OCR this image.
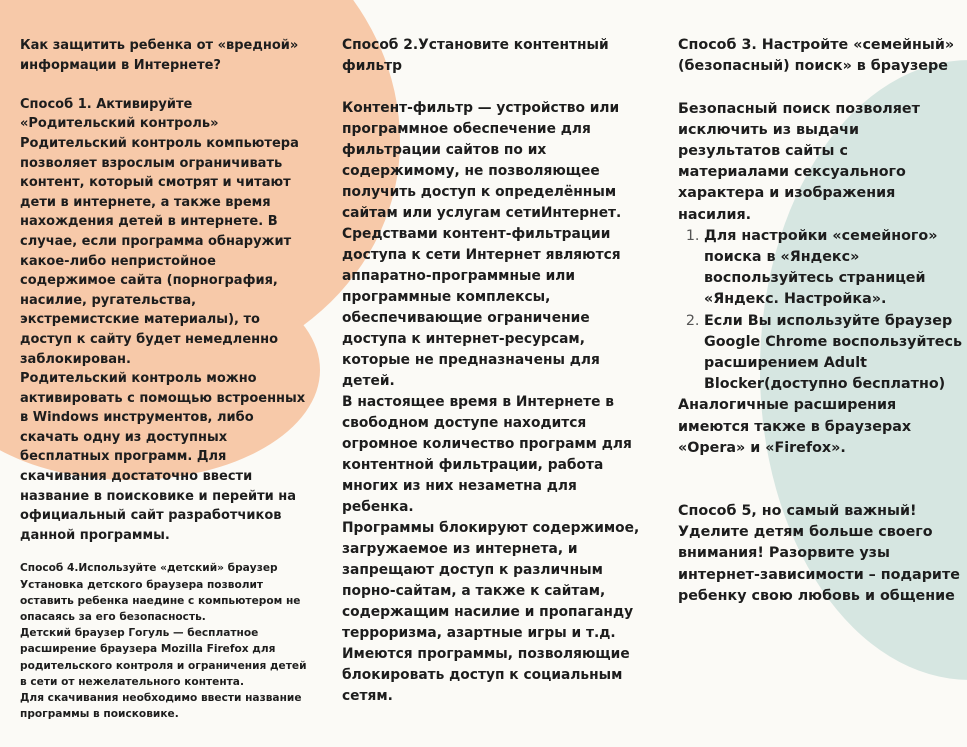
Как защитить ребенка от «вредной» информации в Интернете?

Способ 1. Активируйте «Родительский контроль»

Родительский контроль компьютера позволяет взрослым ограничивать контент, который смотрят и читают дети в интернете, а также время нахождения детей в интернете. В случае, если программа обнаружит какое-либо непристойное содержимое сайта (порнография, насилие, ругательства, экстремистские материалы), то доступ к сайту будет немедленно заблокирован.

Родительский контроль можно активировать с помощью встроенных в Windows инструментов, либо скачать одну из доступных бесплатных программ. Для скачивания достаточно ввести название в поисковике и перейти на официальный сайт разработчиков данной программы.

Способ 4.Используйте «детский» браузер

Установка детского браузера позволит оставить ребенка наедине с компьютером не опасаясь за его безопасность.

Детский браузер Гогуль — бесплатное расширение браузера Mozilla Firefox для родительского контроля и ограничения детей в сети от нежелательного контента.

Для скачивания необходимо ввести название программы в поисковике.

Способ 2.Установите контентный фильтр

Контент-фильтр — устройство или программное обеспечение для фильтрации сайтов по их содержимому, не позволяющее получить доступ к определённым сайтам или услугам сетиИнтернет. Средствами контент-фильтрации доступа к сети Интернет являются аппаратно-программные или программные комплексы, обеспечивающие ограничение доступа к интернет-ресурсам, которые не предназначены для детей.

В настоящее время в Интернете в свободном доступе находится огромное количество программ для контентной фильтрации, работа многих из них незаметна для ребенка.

Программы блокируют содержимое, загружаемое из интернета, и запрещают доступ к различным порно-сайтам, а также к сайтам, содержащим насилие и пропаганду терроризма, азартные игры и т.д. Имеются программы, позволяющие блокировать доступ к социальным сетям.

Способ 3. Настройте «семейный» (безопасный) поиск» в браузере

Безопасный поиск позволяет исключить из выдачи результатов сайты с материалами сексуального характера и изображения насилия.

1. Для настройки «семейного» поиска в «Яндекс» воспользуйтесь страницей «Яндекс. Настройка».
2. Если Вы используйте браузер Google Chrome воспользуйтесь расширением Adult Blocker(доступно бесплатно)

Аналогичные расширения имеются также в браузерах «Opera» и «Firefox».

Способ 5, но самый важный! Уделите детям больше своего внимания! Разорвите узы интернет-зависимости – подарите ребенку свою любовь и общение
